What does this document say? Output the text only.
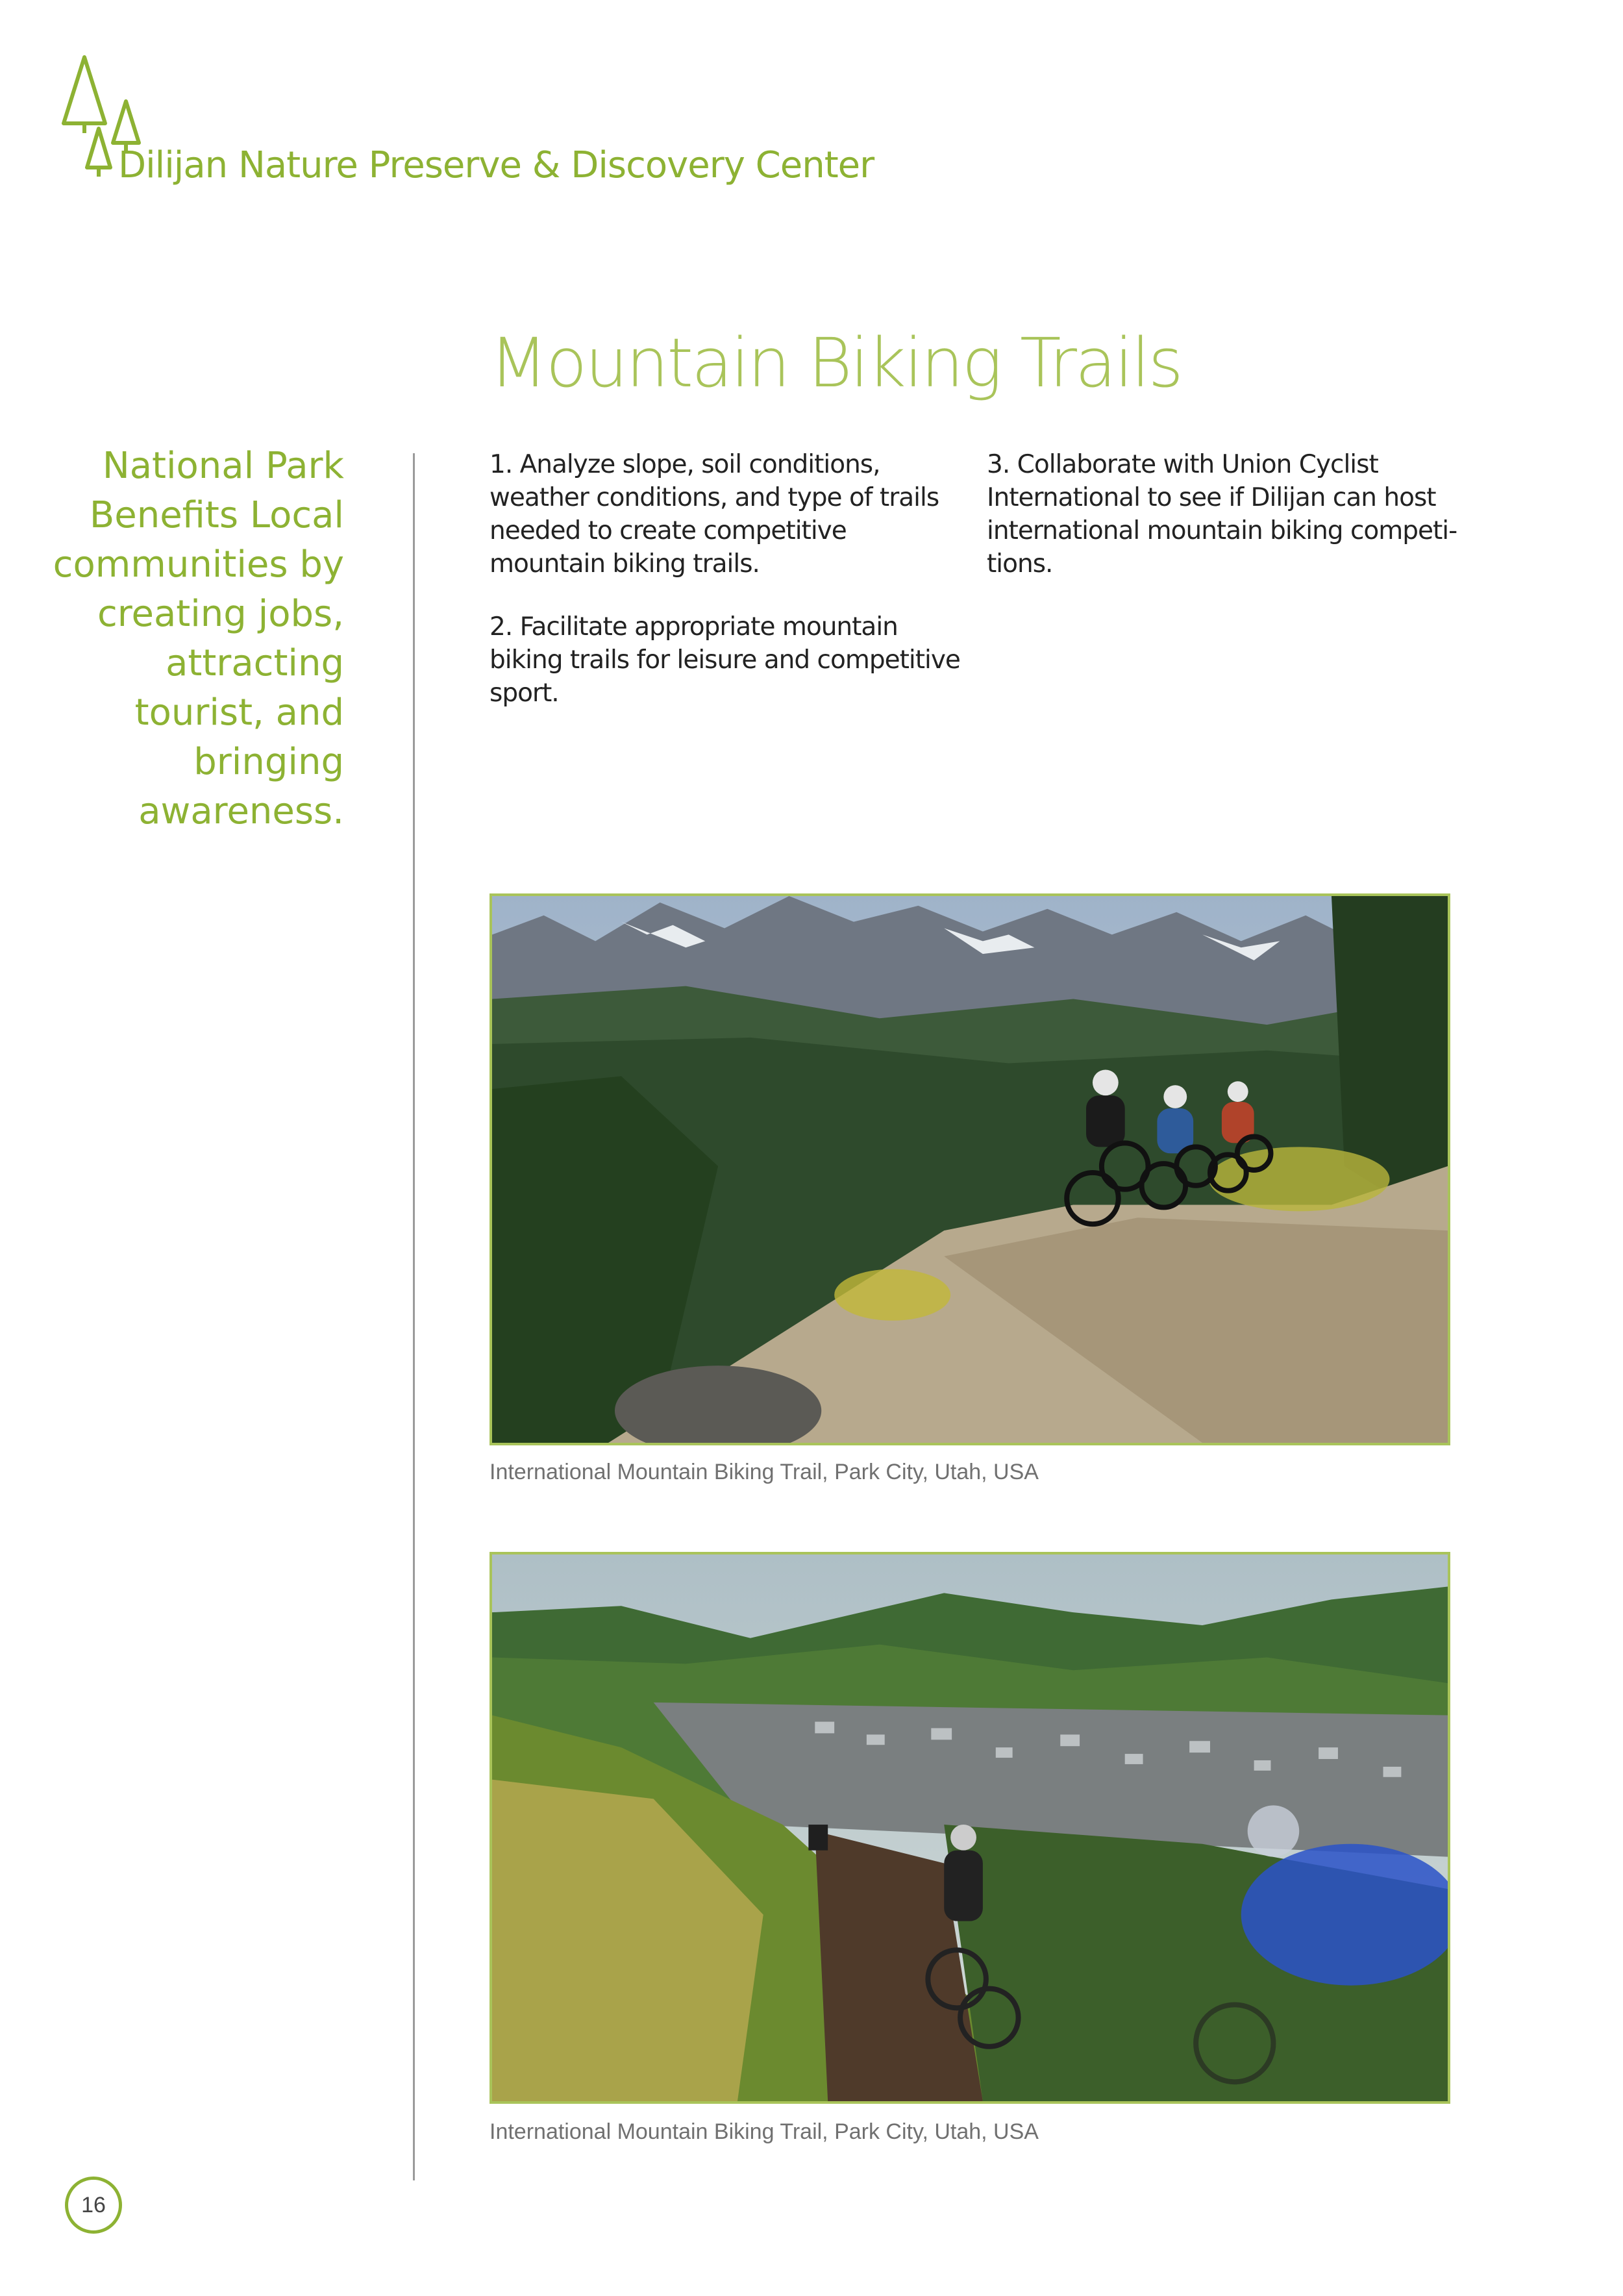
Dilijan Nature Preserve & Discovery Center
Mountain Biking Trails
National Park Benefits Local communities by creating jobs, attracting tourist, and bringing awareness.

1. Analyze slope, soil conditions, weather conditions, and type of trails needed to create competitive mountain biking trails.

2. Facilitate appropriate mountain biking trails for leisure and competitive sport.

3. Collaborate with Union Cyclist International to see if Dilijan can host international mountain biking competi-tions.

International Mountain Biking Trail, Park City, Utah, USA
International Mountain Biking Trail, Park City, Utah, USA
16
